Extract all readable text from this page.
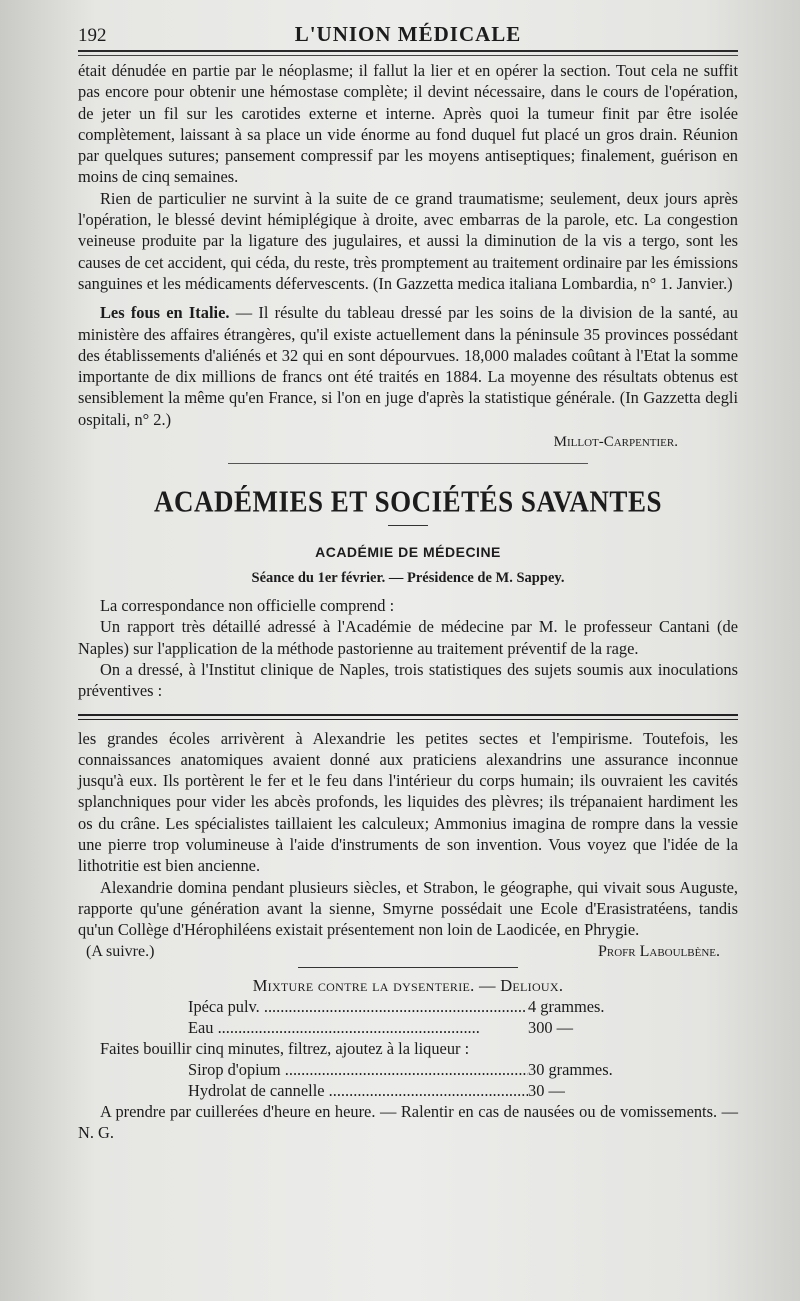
192	L'UNION MÉDICALE

était dénudée en partie par le néoplasme; il fallut la lier et en opérer la section. Tout cela ne suffit pas encore pour obtenir une hémostase complète; il devint nécessaire, dans le cours de l'opération, de jeter un fil sur les carotides externe et interne. Après quoi la tumeur finit par être isolée complètement, laissant à sa place un vide énorme au fond duquel fut placé un gros drain. Réunion par quelques sutures; pansement compressif par les moyens antiseptiques; finalement, guérison en moins de cinq semaines.

Rien de particulier ne survint à la suite de ce grand traumatisme; seulement, deux jours après l'opération, le blessé devint hémiplégique à droite, avec embarras de la parole, etc. La congestion veineuse produite par la ligature des jugulaires, et aussi la diminution de la vis a tergo, sont les causes de cet accident, qui céda, du reste, très promptement au traitement ordinaire par les émissions sanguines et les médicaments défervescents. (In Gazzetta medica italiana Lombardia, n° 1. Janvier.)

Les fous en Italie. — Il résulte du tableau dressé par les soins de la division de la santé, au ministère des affaires étrangères, qu'il existe actuellement dans la péninsule 35 provinces possédant des établissements d'aliénés et 32 qui en sont dépourvues. 18,000 malades coûtant à l'Etat la somme importante de dix millions de francs ont été traités en 1884. La moyenne des résultats obtenus est sensiblement la même qu'en France, si l'on en juge d'après la statistique générale. (In Gazzetta degli ospitali, n° 2.)

Millot-Carpentier.
ACADÉMIES ET SOCIÉTÉS SAVANTES
ACADÉMIE DE MÉDECINE
Séance du 1er février. — Présidence de M. Sappey.

La correspondance non officielle comprend :

Un rapport très détaillé adressé à l'Académie de médecine par M. le professeur Cantani (de Naples) sur l'application de la méthode pastorienne au traitement préventif de la rage.

On a dressé, à l'Institut clinique de Naples, trois statistiques des sujets soumis aux inoculations préventives :

les grandes écoles arrivèrent à Alexandrie les petites sectes et l'empirisme. Toutefois, les connaissances anatomiques avaient donné aux praticiens alexandrins une assurance inconnue jusqu'à eux. Ils portèrent le fer et le feu dans l'intérieur du corps humain; ils ouvraient les cavités splanchniques pour vider les abcès profonds, les liquides des plèvres; ils trépanaient hardiment les os du crâne. Les spécialistes taillaient les calculeux; Ammonius imagina de rompre dans la vessie une pierre trop volumineuse à l'aide d'instruments de son invention. Vous voyez que l'idée de la lithotritie est bien ancienne.

Alexandrie domina pendant plusieurs siècles, et Strabon, le géographe, qui vivait sous Auguste, rapporte qu'une génération avant la sienne, Smyrne possédait une Ecole d'Erasistratéens, tandis qu'un Collège d'Hérophiléens existait présentement non loin de Laodicée, en Phrygie.

(A suivre.)	Profr Laboulbène.
Mixture contre la dysenterie. — Delioux.
Ipéca pulv. .....	4 grammes.
Eau .....	300 —

Faites bouillir cinq minutes, filtrez, ajoutez à la liqueur :

Sirop d'opium .....	30 grammes.
Hydrolat de cannelle .....	30 —

A prendre par cuillerées d'heure en heure. — Ralentir en cas de nausées ou de vomissements. — N. G.
